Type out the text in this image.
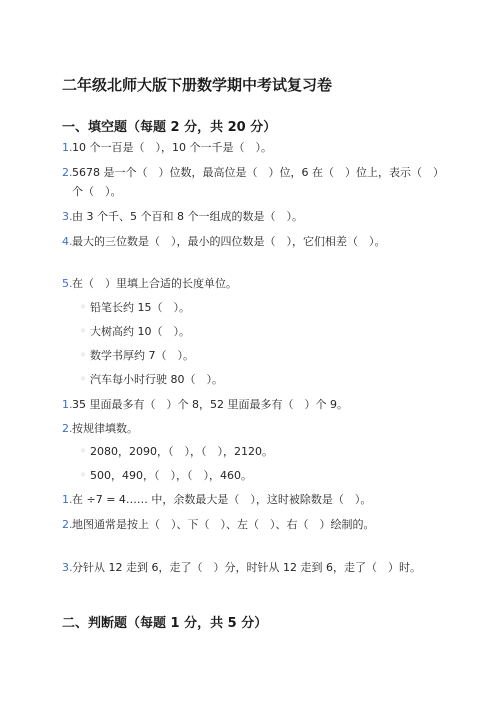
二年级北师大版下册数学期中考试复习卷
一、填空题（每题 2 分，共 20 分）
1. 10 个一百是（　），10 个一千是（　）。
2. 5678 是一个（　）位数，最高位是（　）位，6 在（　）位上，表示（　）个（　）。
3. 由 3 个千、5 个百和 8 个一组成的数是（　）。
4. 最大的三位数是（　），最小的四位数是（　），它们相差（　）。
5. 在（　）里填上合适的长度单位。
◦ 铅笔长约 15（　）。
◦ 大树高约 10（　）。
◦ 数学书厚约 7（　）。
◦ 汽车每小时行驶 80（　）。
1. 35 里面最多有（　）个 8，52 里面最多有（　）个 9。
2. 按规律填数。
◦ 2080，2090，（　），（　），2120。
◦ 500，490，（　），（　），460。
1. 在 ÷7 = 4…… 中，余数最大是（　），这时被除数是（　）。
2. 地图通常是按上（　）、下（　）、左（　）、右（　）绘制的。
3. 分针从 12 走到 6，走了（　）分，时针从 12 走到 6，走了（　）时。
二、判断题（每题 1 分，共 5 分）
